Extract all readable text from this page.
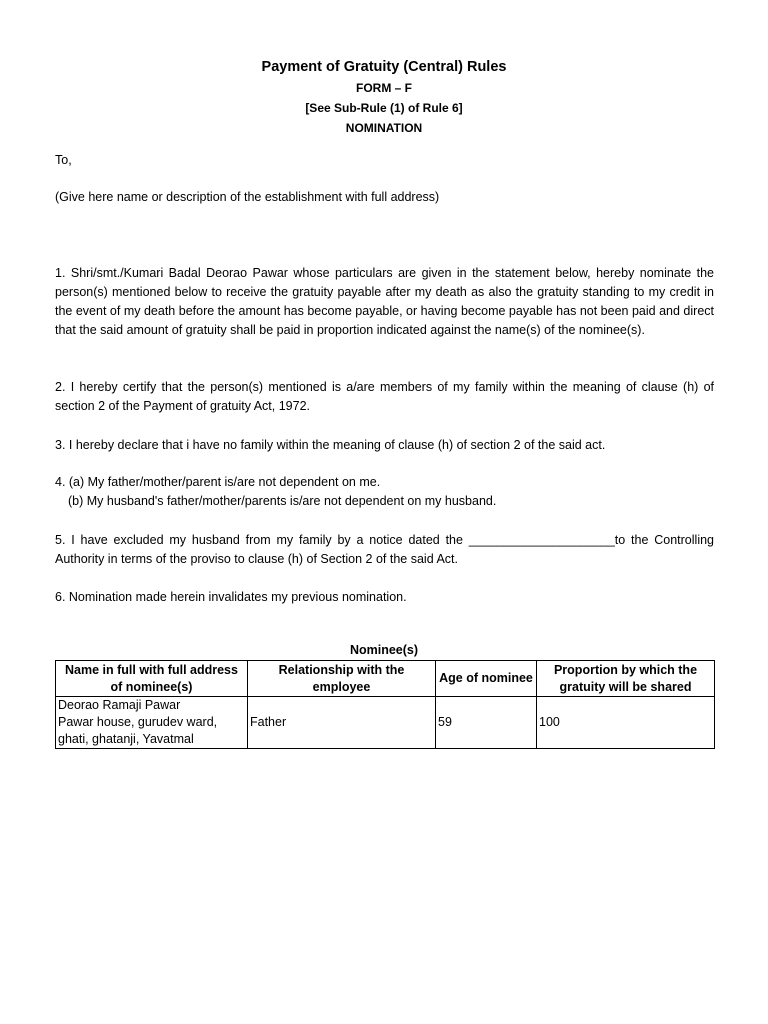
Payment of Gratuity (Central) Rules
FORM – F
[See Sub-Rule (1) of Rule 6]
NOMINATION
To,
(Give here name or description of the establishment with full address)
1. Shri/smt./Kumari Badal Deorao Pawar whose particulars are given in the statement below, hereby nominate the person(s) mentioned below to receive the gratuity payable after my death as also the gratuity standing to my credit in the event of my death before the amount has become payable, or having become payable has not been paid and direct that the said amount of gratuity shall be paid in proportion indicated against the name(s) of the nominee(s).
2. I hereby certify that the person(s) mentioned is a/are members of my family within the meaning of clause (h) of section 2 of the Payment of gratuity Act, 1972.
3. I hereby declare that i have no family within the meaning of clause (h) of section 2 of the said act.
4. (a) My father/mother/parent is/are not dependent on me.
(b) My husband's father/mother/parents is/are not dependent on my husband.
5. I have excluded my husband from my family by a notice dated the _____________________to the Controlling Authority in terms of the proviso to clause (h) of Section 2 of the said Act.
6. Nomination made herein invalidates my previous nomination.
Nominee(s)
Name in full with full address of nominee(s)	Relationship with the employee	Age of nominee	Proportion by which the gratuity will be shared

Deorao Ramaji Pawar
Pawar house, gurudev ward,
ghati, ghatanji, Yavatmal	Father	59	100
